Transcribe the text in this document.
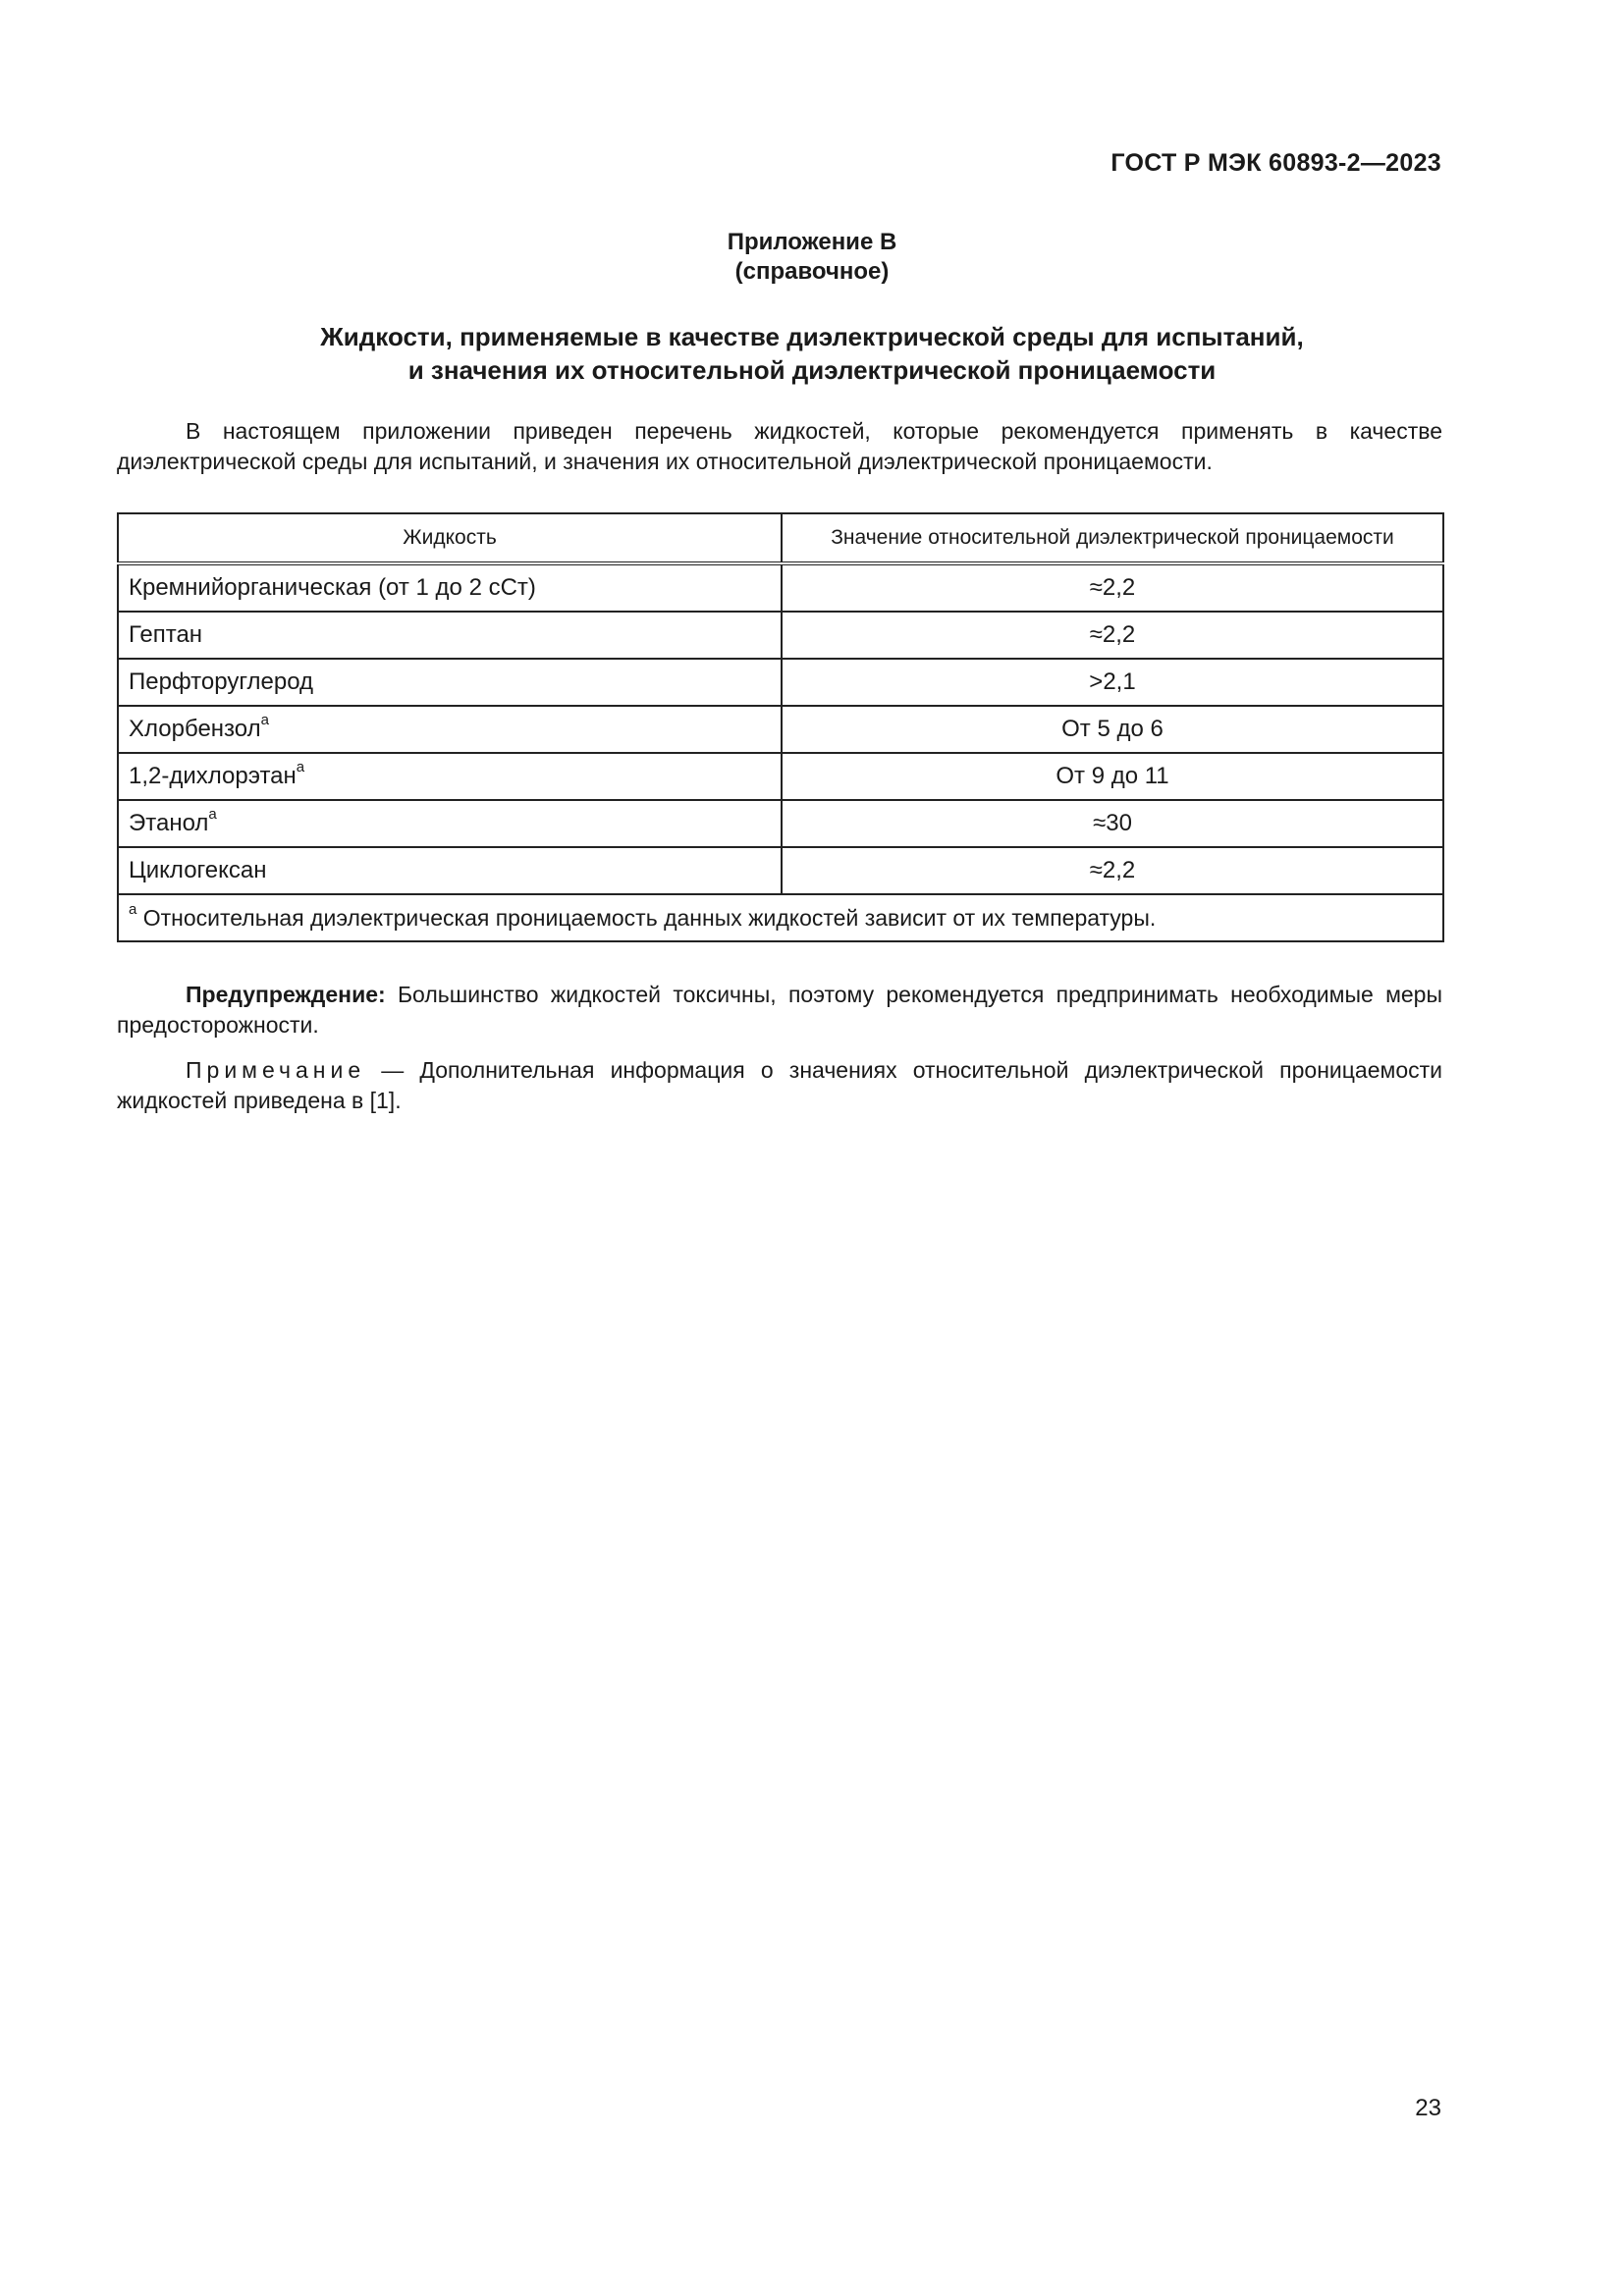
ГОСТ Р МЭК 60893-2—2023
Приложение В
(справочное)
Жидкости, применяемые в качестве диэлектрической среды для испытаний,
и значения их относительной диэлектрической проницаемости
В настоящем приложении приведен перечень жидкостей, которые рекомендуется применять в качестве диэлектрической среды для испытаний, и значения их относительной диэлектрической проницаемости.
Жидкость	Значение относительной диэлектрической проницаемости
Кремнийорганическая (от 1 до 2 сСт)	≈2,2
Гептан	≈2,2
Перфторуглерод	>2,1
Хлорбензол$^a$	От 5 до 6
1,2-дихлорэтан$^a$	От 9 до 11
Этанол$^a$	≈30
Циклогексан	≈2,2
$^a$ Относительная диэлектрическая проницаемость данных жидкостей зависит от их температуры.	
Предупреждение: Большинство жидкостей токсичны, поэтому рекомендуется предпринимать необходимые меры предосторожности.
Примечание — Дополнительная информация о значениях относительной диэлектрической проницаемости жидкостей приведена в [1].
23
